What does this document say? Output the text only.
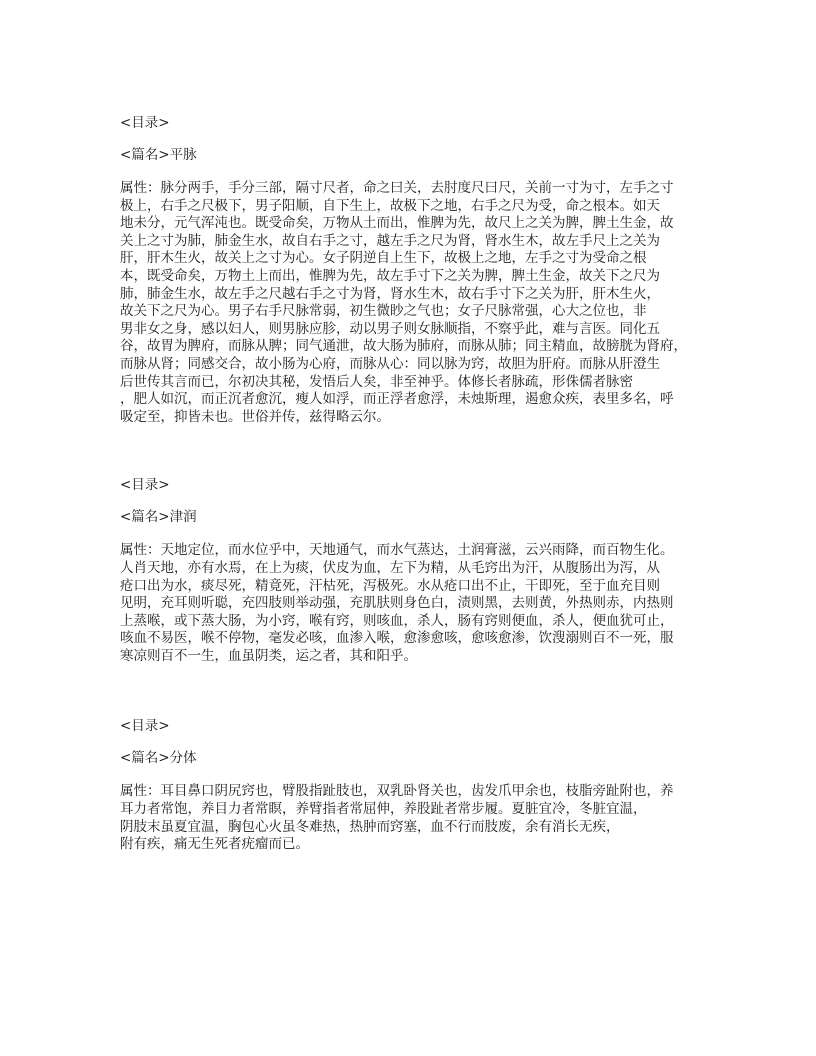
<目录>

<篇名>平脉

属性：脉分两手，手分三部，隔寸尺者，命之曰关，去肘度尺曰尺，关前一寸为寸，左手之寸
极上，右手之尺极下，男子阳顺，自下生上，故极下之地，右手之尺为受，命之根本。如天
地未分，元气浑沌也。既受命矣，万物从土而出，惟脾为先，故尺上之关为脾，脾土生金，故
关上之寸为肺，肺金生水，故自右手之寸，越左手之尺为肾，肾水生木，故左手尺上之关为
肝，肝木生火，故关上之寸为心。女子阴逆自上生下，故极上之地，左手之寸为受命之根
本，既受命矣，万物土上而出，惟脾为先，故左手寸下之关为脾，脾土生金，故关下之尺为
肺，肺金生水，故左手之尺越右手之寸为肾，肾水生木，故右手寸下之关为肝，肝木生火，
故关下之尺为心。男子右手尺脉常弱，初生微眇之气也；女子尺脉常强，心大之位也，非
男非女之身，感以妇人，则男脉应胗，动以男子则女脉顺指，不察乎此，难与言医。同化五
谷，故胃为脾府，而脉从脾；同气通泄，故大肠为肺府，而脉从肺；同主精血，故膀胱为肾府，
而脉从肾；同感交合，故小肠为心府，而脉从心：同以脉为窍，故胆为肝府。而脉从肝澄生
后世传其言而已，尔初决其秘，发悟后人矣，非至神乎。体修长者脉疏，形侏儒者脉密
，肥人如沉，而正沉者愈沉，瘦人如浮，而正浮者愈浮，未烛斯理，遏愈众疾，表里多名，呼
吸定至，抑皆未也。世俗并传，兹得略云尔。

<目录>

<篇名>津润

属性：天地定位，而水位乎中，天地通气，而水气蒸达，土润膏滋，云兴雨降，而百物生化。
人肖天地，亦有水焉，在上为痰，伏皮为血，左下为精，从毛窍出为汗，从腹肠出为泻，从
疮口出为水，痰尽死，精竟死，汗枯死，泻极死。水从疮口出不止，干即死，至于血充目则
见明，充耳则听聪，充四肢则举动强，充肌肤则身色白，渍则黑，去则黄，外热则赤，内热则
上蒸喉，或下蒸大肠，为小窍，喉有窍，则咳血，杀人，肠有窍则便血，杀人，便血犹可止，
咳血不易医，喉不停物，毫发必咳，血渗入喉，愈渗愈咳，愈咳愈渗，饮溲溺则百不一死，服
寒凉则百不一生，血虽阴类，运之者，其和阳乎。

<目录>

<篇名>分体

属性：耳目鼻口阴尻窍也，臂股指趾肢也，双乳卧肾关也，齿发爪甲余也，枝脂旁趾附也，养
耳力者常饱，养目力者常瞑，养臂指者常屈伸，养股趾者常步履。夏脏宜冷，冬脏宜温，
阴肢末虽夏宜温，胸包心火虽冬难热，热肿而窍塞，血不行而肢废，余有消长无疾，
附有疾，痛无生死者疣瘤而已。
